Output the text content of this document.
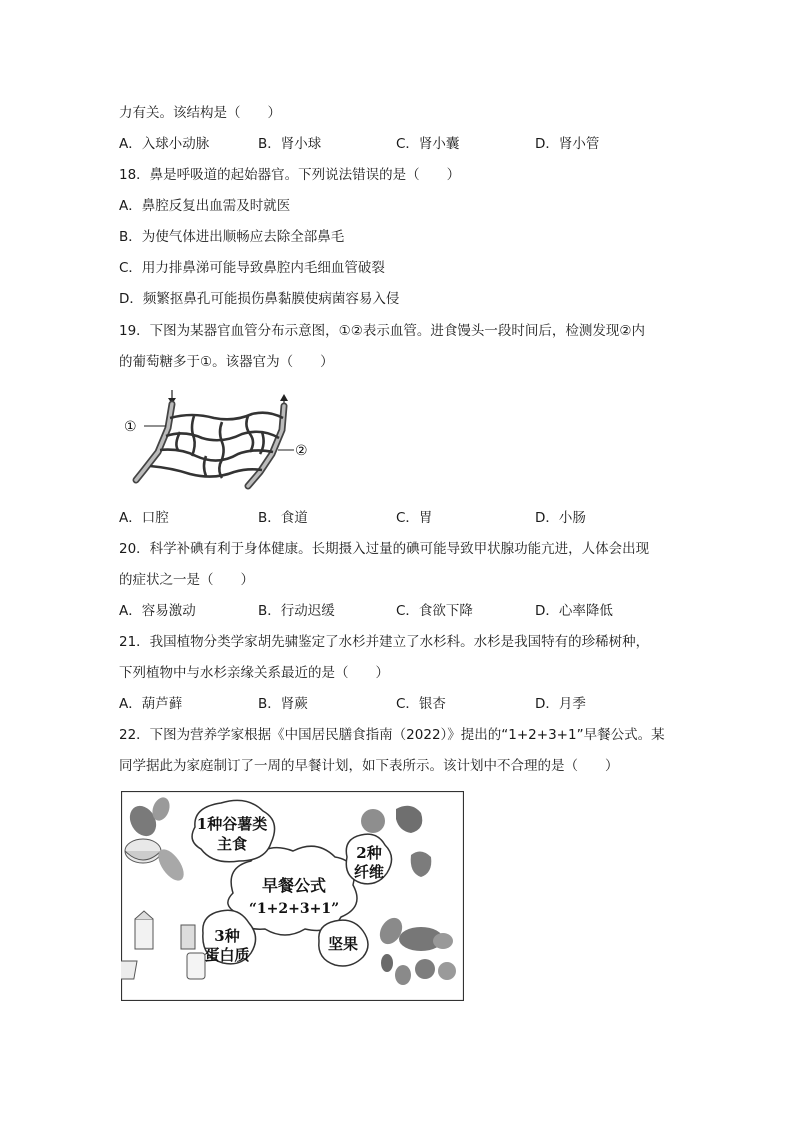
力有关。该结构是（　　）
A．入球小动脉	B．肾小球	C．肾小囊	D．肾小管
18．鼻是呼吸道的起始器官。下列说法错误的是（　　）
A．鼻腔反复出血需及时就医
B．为使气体进出顺畅应去除全部鼻毛
C．用力排鼻涕可能导致鼻腔内毛细血管破裂
D．频繁抠鼻孔可能损伤鼻黏膜使病菌容易入侵
19．下图为某器官血管分布示意图，①②表示血管。进食馒头一段时间后，检测发现②内
的葡萄糖多于①。该器官为（　　）
①
②
A．口腔	B．食道	C．胃	D．小肠
20．科学补碘有利于身体健康。长期摄入过量的碘可能导致甲状腺功能亢进，人体会出现
的症状之一是（　　）
A．容易激动	B．行动迟缓	C．食欲下降	D．心率降低
21．我国植物分类学家胡先骕鉴定了水杉并建立了水杉科。水杉是我国特有的珍稀树种，
下列植物中与水杉亲缘关系最近的是（　　）
A．葫芦藓	B．肾蕨	C．银杏	D．月季
22．下图为营养学家根据《中国居民膳食指南（2022）》提出的“1+2+3+1”早餐公式。某
同学据此为家庭制订了一周的早餐计划，如下表所示。该计划中不合理的是（　　）
早餐公式
“1+2+3+1”
1种谷薯类
主食	2种
纤维
3种
蛋白质
坚果
